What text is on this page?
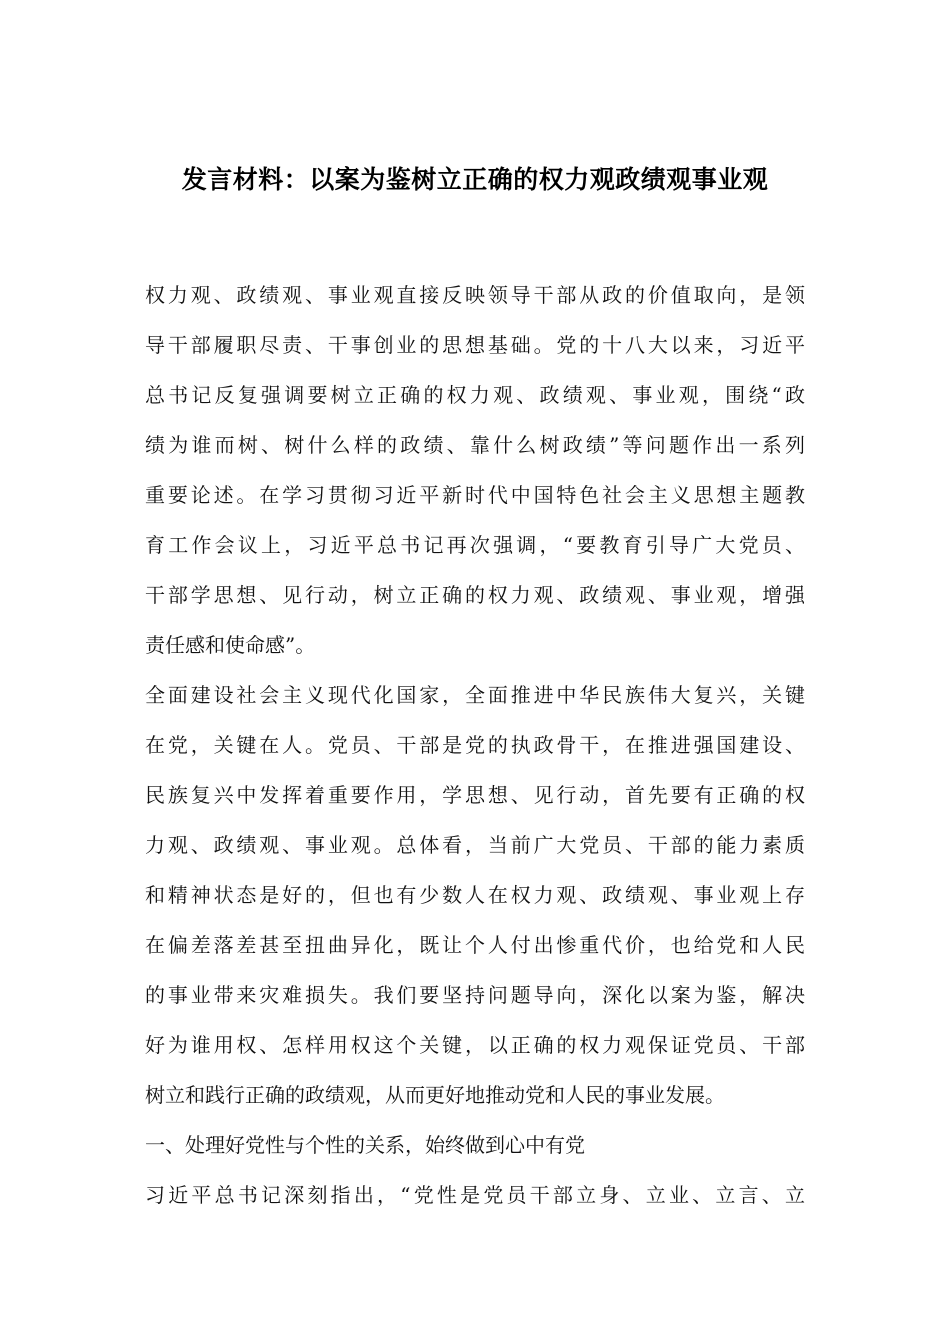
发言材料：以案为鉴树立正确的权力观政绩观事业观
权力观、政绩观、事业观直接反映领导干部从政的价值取向，是领
导干部履职尽责、干事创业的思想基础。党的十八大以来，习近平
总书记反复强调要树立正确的权力观、政绩观、事业观，围绕“政
绩为谁而树、树什么样的政绩、靠什么树政绩”等问题作出一系列
重要论述。在学习贯彻习近平新时代中国特色社会主义思想主题教
育工作会议上，习近平总书记再次强调，“要教育引导广大党员、
干部学思想、见行动，树立正确的权力观、政绩观、事业观，增强
责任感和使命感”。
全面建设社会主义现代化国家，全面推进中华民族伟大复兴，关键
在党，关键在人。党员、干部是党的执政骨干，在推进强国建设、
民族复兴中发挥着重要作用，学思想、见行动，首先要有正确的权
力观、政绩观、事业观。总体看，当前广大党员、干部的能力素质
和精神状态是好的，但也有少数人在权力观、政绩观、事业观上存
在偏差落差甚至扭曲异化，既让个人付出惨重代价，也给党和人民
的事业带来灾难损失。我们要坚持问题导向，深化以案为鉴，解决
好为谁用权、怎样用权这个关键，以正确的权力观保证党员、干部
树立和践行正确的政绩观，从而更好地推动党和人民的事业发展。
一、处理好党性与个性的关系，始终做到心中有党
习近平总书记深刻指出，“党性是党员干部立身、立业、立言、立
